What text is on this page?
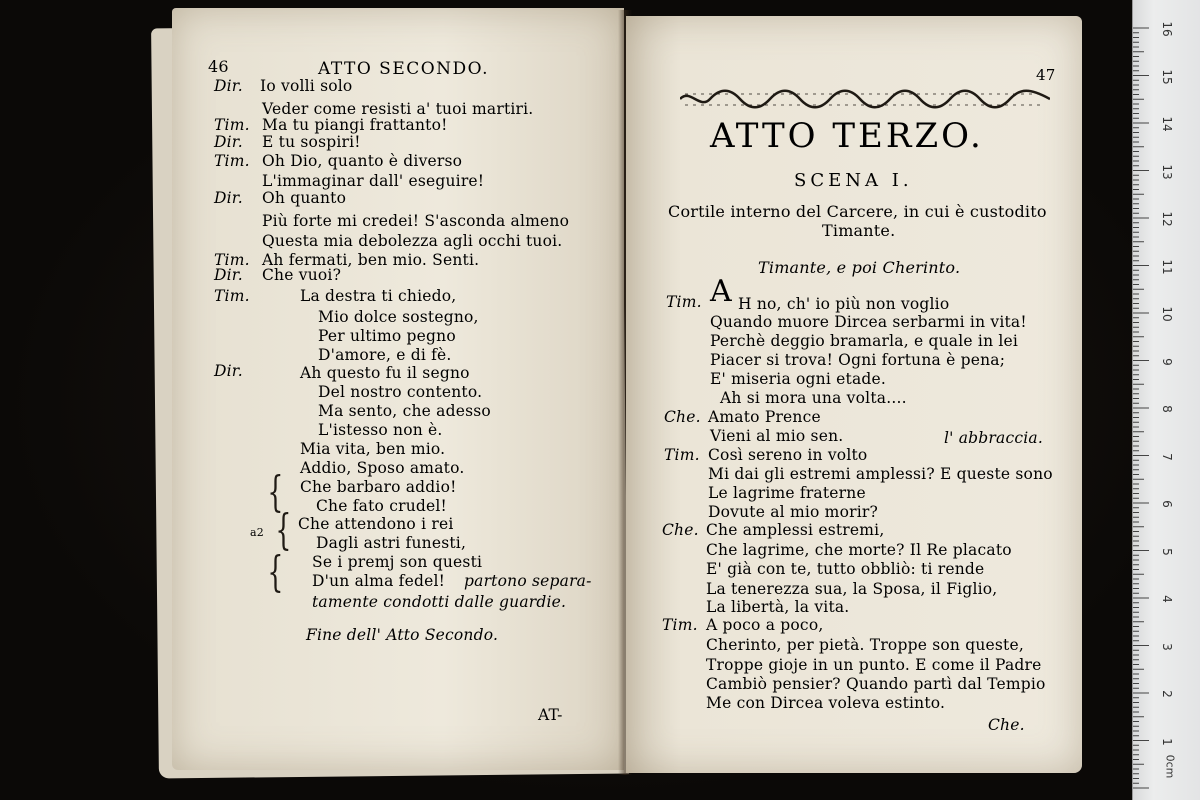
46	ATTO SECONDO.
Dir. Io volli solo
Veder come resisti a' tuoi martiri.
Tim. Ma tu piangi frattanto!
Dir. E tu sospiri!
Tim. Oh Dio, quanto è diverso
L'immaginar dall' eseguire!
Dir. Oh quanto
Più forte mi credei! S'asconda almeno
Questa mia debolezza agli occhi tuoi.
Tim. Ah fermati, ben mio. Senti.
Dir. Che vuoi?
Tim.	La destra ti chiedo,
Mio dolce sostegno,
Per ultimo pegno
D'amore, e di fè.
Dir.	Ah questo fu il segno
Del nostro contento.
Ma sento, che adesso
L'istesso non è.
Mia vita, ben mio.
Addio, Sposo amato.
{ Che barbaro addio!
Che fato crudel!
a2 { Che attendono i rei
Dagli astri funesti,
{ Se i premj son questi
D'un alma fedel! partono separa-
tamente condotti dalle guardie.
Fine dell' Atto Secondo.
AT-
47
ATTO TERZO.
SCENA I.
Cortile interno del Carcere, in cui è custodito
Timante.
Timante, e poi Cherinto.
Tim. A H no, ch' io più non voglio
Quando muore Dircea serbarmi in vita!
Perchè deggio bramarla, e quale in lei
Piacer si trova! Ogni fortuna è pena;
E' miseria ogni etade.
Ah si mora una volta....
Che. Amato Prence
Vieni al mio sen.	l' abbraccia.
Tim. Così sereno in volto
Mi dai gli estremi amplessi? E queste sono
Le lagrime fraterne
Dovute al mio morir?
Che. Che amplessi estremi,
Che lagrime, che morte? Il Re placato
E' già con te, tutto obbliò: ti rende
La tenerezza sua, la Sposa, il Figlio,
La libertà, la vita.
Tim. A poco a poco,
Cherinto, per pietà. Troppe son queste,
Troppe gioje in un punto. E come il Padre
Cambiò pensier? Quando partì dal Tempio
Me con Dircea voleva estinto.
Che.
16
15
14
13
12
11
10
9
8
7
6
5
4
3
2
1
0cm
